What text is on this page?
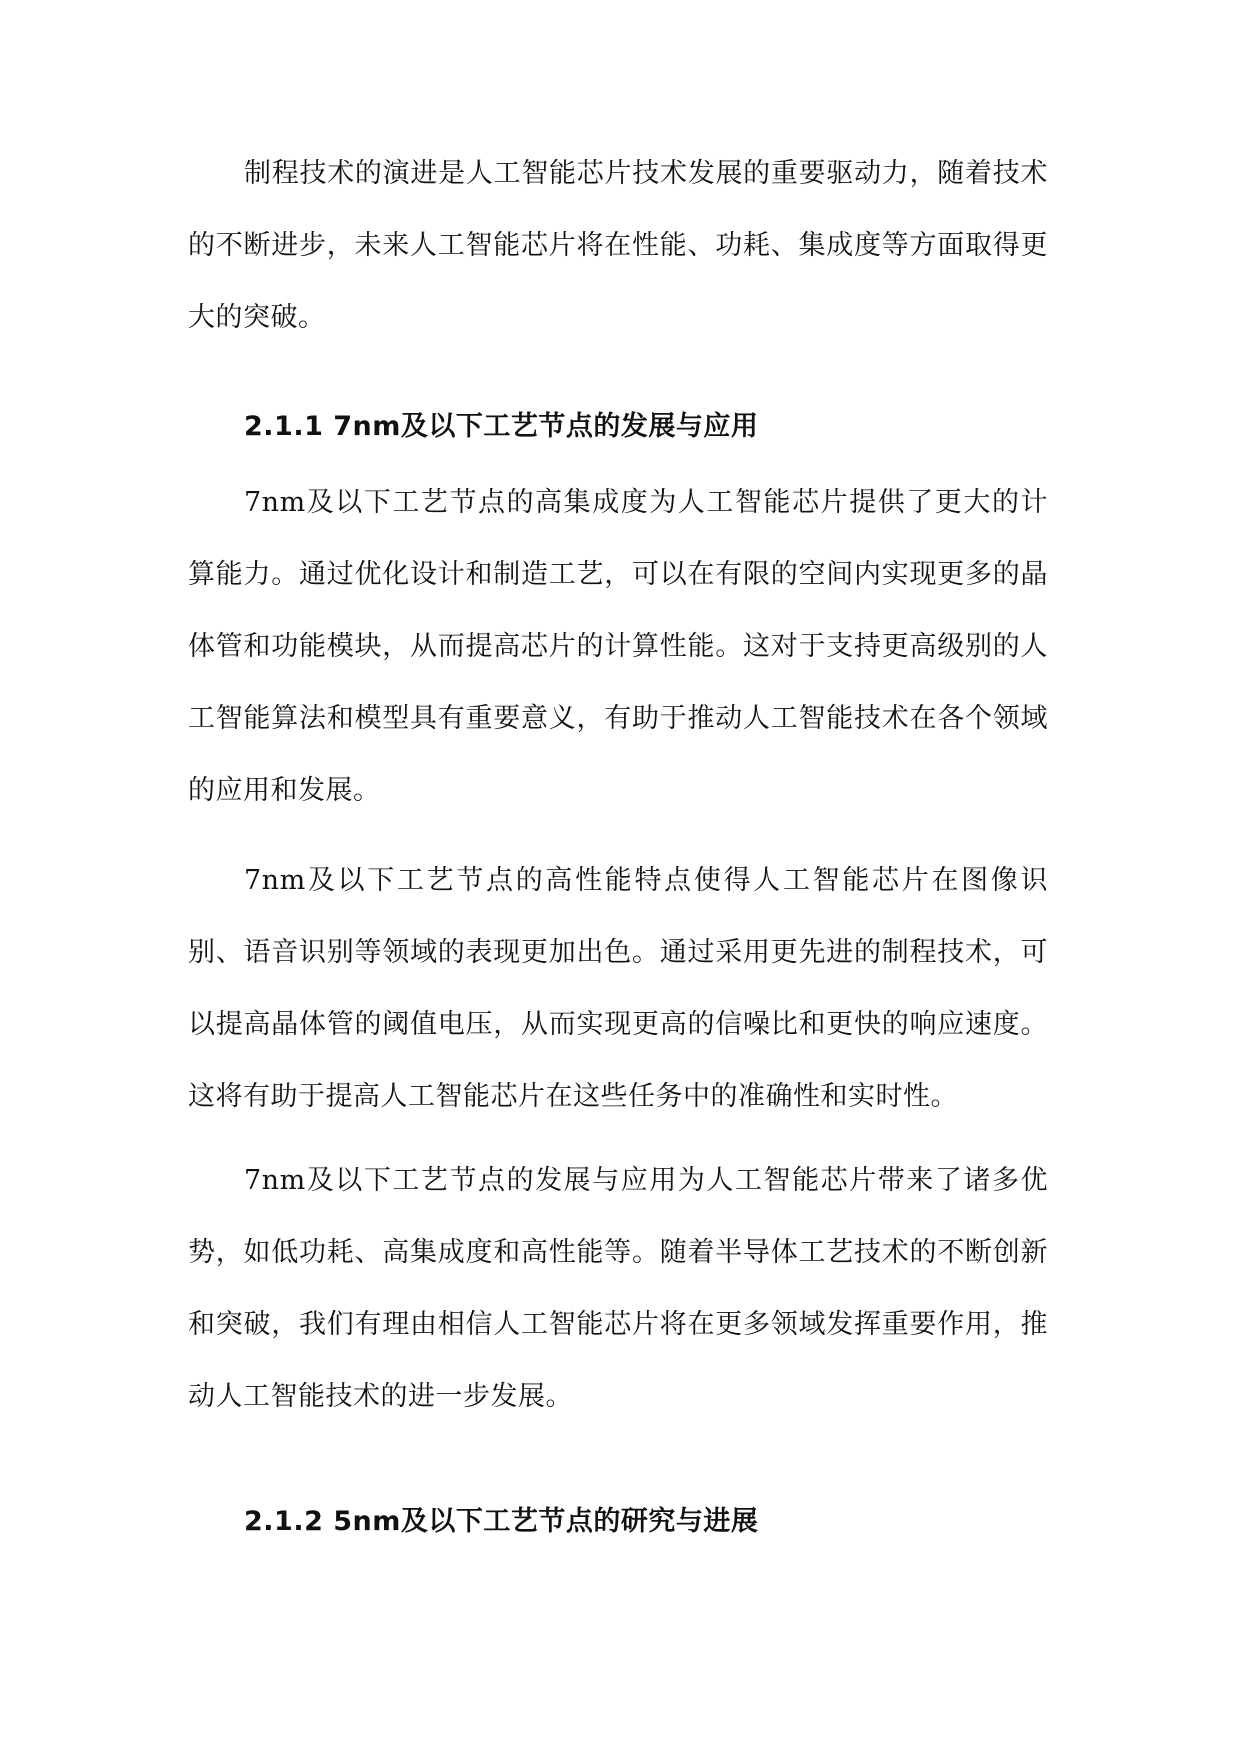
制程技术的演进是人工智能芯片技术发展的重要驱动力，随着技术的不断进步，未来人工智能芯片将在性能、功耗、集成度等方面取得更大的突破。

2.1.1 7nm及以下工艺节点的发展与应用

7nm及以下工艺节点的高集成度为人工智能芯片提供了更大的计算能力。通过优化设计和制造工艺，可以在有限的空间内实现更多的晶体管和功能模块，从而提高芯片的计算性能。这对于支持更高级别的人工智能算法和模型具有重要意义，有助于推动人工智能技术在各个领域的应用和发展。

7nm及以下工艺节点的高性能特点使得人工智能芯片在图像识别、语音识别等领域的表现更加出色。通过采用更先进的制程技术，可以提高晶体管的阈值电压，从而实现更高的信噪比和更快的响应速度。这将有助于提高人工智能芯片在这些任务中的准确性和实时性。

7nm及以下工艺节点的发展与应用为人工智能芯片带来了诸多优势，如低功耗、高集成度和高性能等。随着半导体工艺技术的不断创新和突破，我们有理由相信人工智能芯片将在更多领域发挥重要作用，推动人工智能技术的进一步发展。

2.1.2 5nm及以下工艺节点的研究与进展
